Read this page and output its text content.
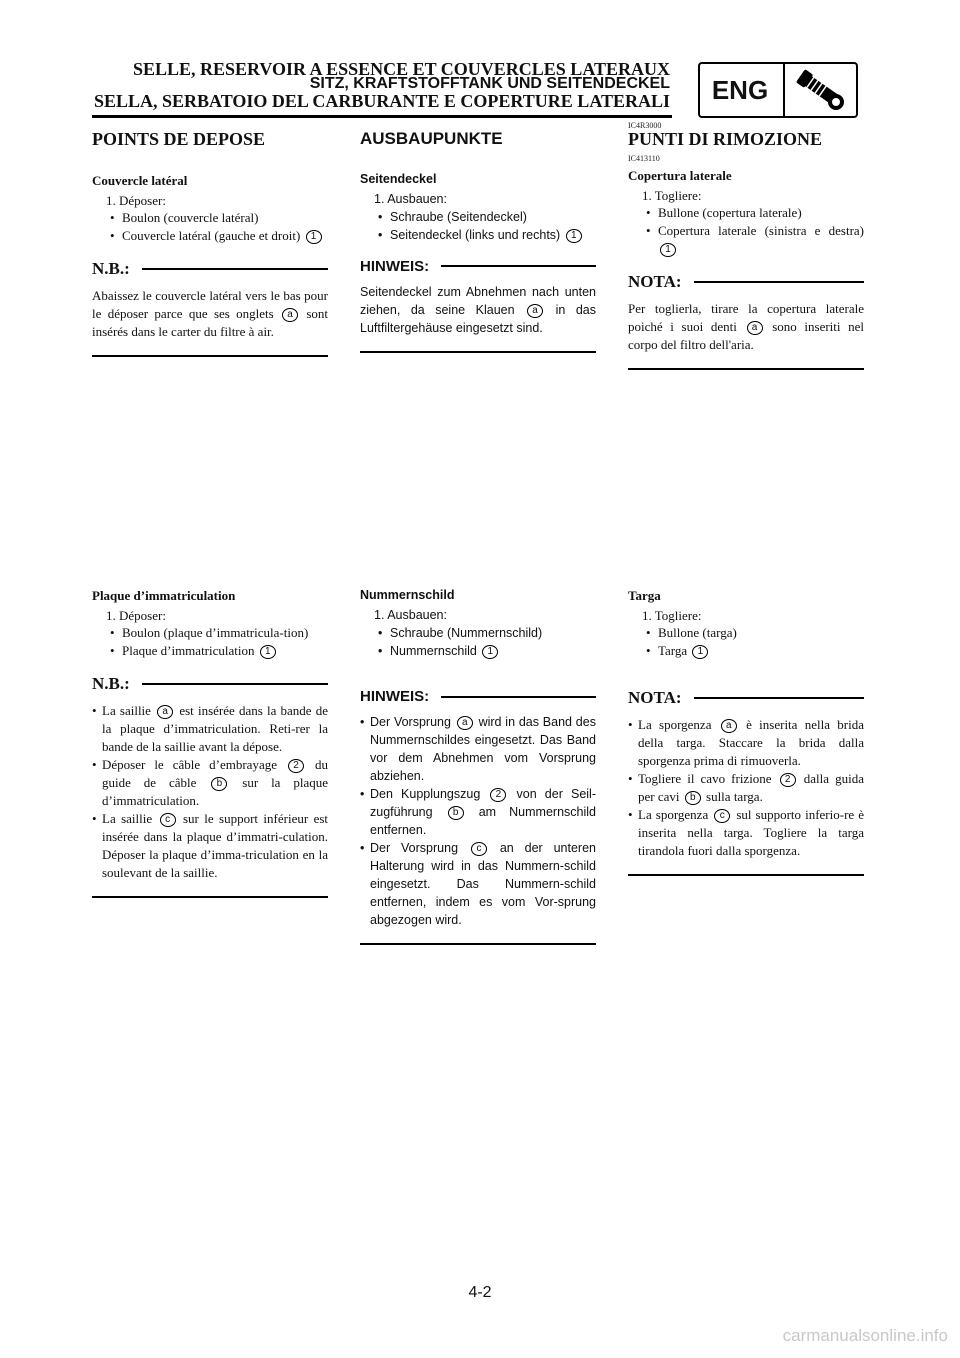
SELLE, RESERVOIR A ESSENCE ET COUVERCLES LATERAUX
SITZ, KRAFTSTOFFTANK UND SEITENDECKEL
SELLA, SERBATOIO DEL CARBURANTE E COPERTURE LATERALI	ENG
IC4R3000
POINTS DE DEPOSE
Couvercle latéral
1. Déposer:
• Boulon (couvercle latéral)
• Couvercle latéral (gauche et droit) 1
N.B.:

Abaissez le couvercle latéral vers le bas pour le déposer parce que ses onglets a sont insérés dans le carter du filtre à air.

AUSBAUPUNKTE
Seitendeckel
1. Ausbauen:
• Schraube (Seitendeckel)
• Seitendeckel (links und rechts) 1
HINWEIS:

Seitendeckel zum Abnehmen nach unten ziehen, da seine Klauen a in das Luftfiltergehäuse eingesetzt sind.

PUNTI DI RIMOZIONE
IC413110
Copertura laterale
1. Togliere:
• Bullone (copertura laterale)
• Copertura laterale (sinistra e destra) 1
NOTA:

Per toglierla, tirare la copertura laterale poiché i suoi denti a sono inseriti nel corpo del filtro dell'aria.

Plaque d’immatriculation
1. Déposer:
• Boulon (plaque d’immatricula-tion)
• Plaque d’immatriculation 1
N.B.:
• La saillie a est insérée dans la bande de la plaque d’immatriculation. Reti-rer la bande de la saillie avant la dépose.
• Déposer le câble d’embrayage 2 du guide de câble b sur la plaque d’immatriculation.
• La saillie c sur le support inférieur est insérée dans la plaque d’immatri-culation. Déposer la plaque d’imma-triculation en la soulevant de la saillie.
Nummernschild
1. Ausbauen:
• Schraube (Nummernschild)
• Nummernschild 1
HINWEIS:
• Der Vorsprung a wird in das Band des Nummernschildes eingesetzt. Das Band vor dem Abnehmen vom Vorsprung abziehen.
• Den Kupplungszug 2 von der Seil-zugführung b am Nummernschild entfernen.
• Der Vorsprung c an der unteren Halterung wird in das Nummern-schild eingesetzt. Das Nummern-schild entfernen, indem es vom Vor-sprung abgezogen wird.
Targa
1. Togliere:
• Bullone (targa)
• Targa 1
NOTA:
• La sporgenza a è inserita nella brida della targa. Staccare la brida dalla sporgenza prima di rimuoverla.
• Togliere il cavo frizione 2 dalla guida per cavi b sulla targa.
• La sporgenza c sul supporto inferio-re è inserita nella targa. Togliere la targa tirandola fuori dalla sporgenza.
4-2
carmanualsonline.info
